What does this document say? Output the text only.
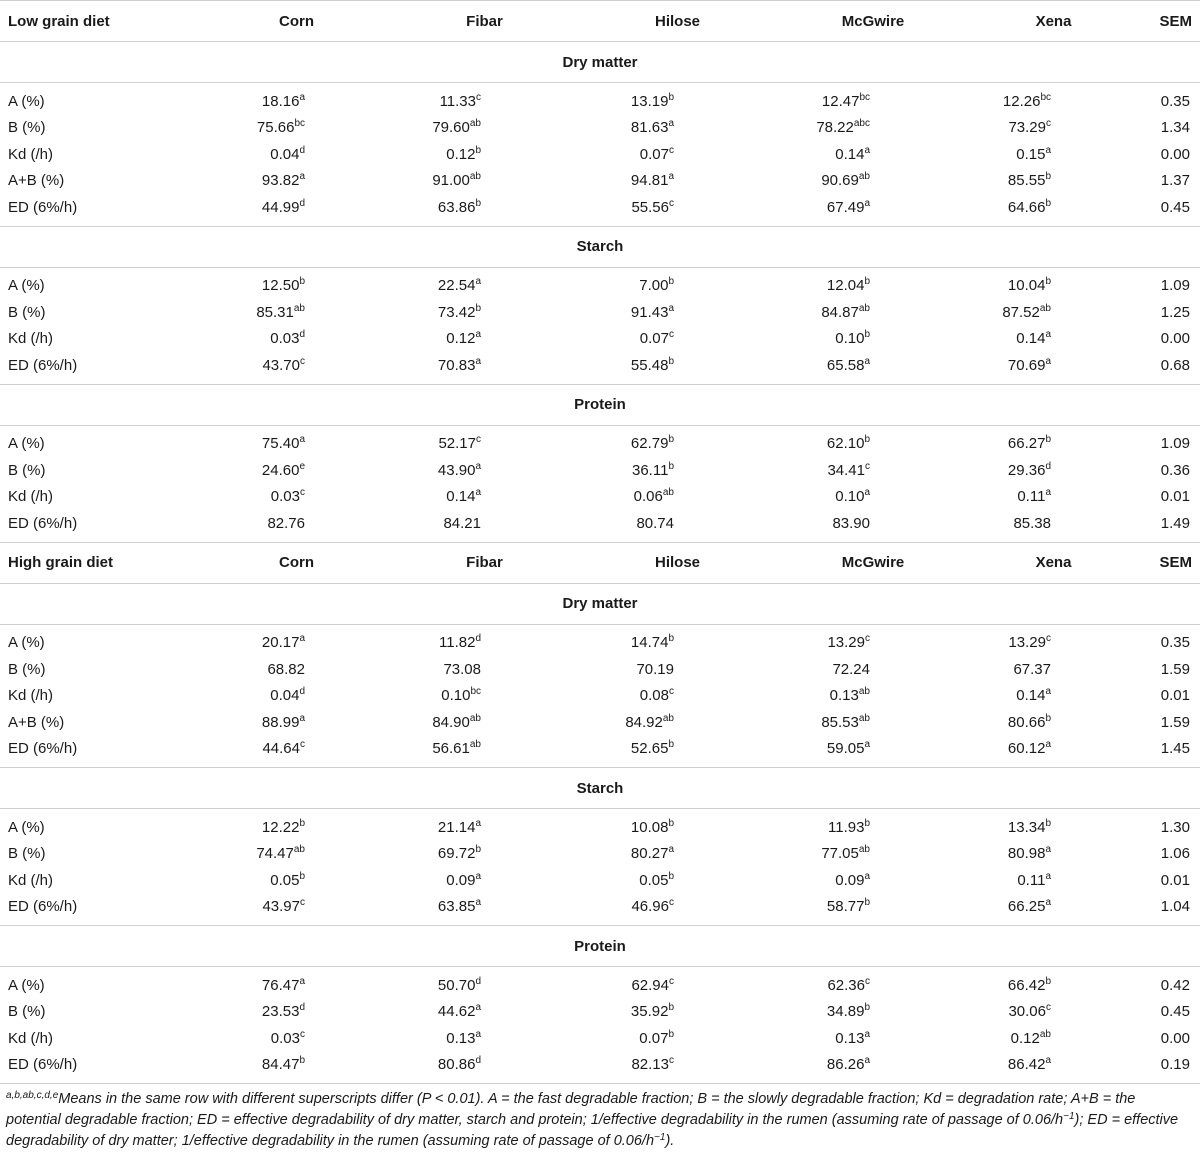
Low grain diet	Corn	Fibar	Hilose	McGwire	Xena	SEM
Dry matter						
A (%)	18.16$^a$	11.33$^c$	13.19$^b$	12.47$^{bc}$	12.26$^{bc}$	0.35
B (%)	75.66$^{bc}$	79.60$^{ab}$	81.63$^a$	78.22$^{abc}$	73.29$^c$	1.34
Kd (/h)	0.04$^d$	0.12$^b$	0.07$^c$	0.14$^a$	0.15$^a$	0.00
A+B (%)	93.82$^a$	91.00$^{ab}$	94.81$^a$	90.69$^{ab}$	85.55$^b$	1.37
ED (6%/h)	44.99$^d$	63.86$^b$	55.56$^c$	67.49$^a$	64.66$^b$	0.45
Starch						
A (%)	12.50$^b$	22.54$^a$	7.00$^b$	12.04$^b$	10.04$^b$	1.09
B (%)	85.31$^{ab}$	73.42$^b$	91.43$^a$	84.87$^{ab}$	87.52$^{ab}$	1.25
Kd (/h)	0.03$^d$	0.12$^a$	0.07$^c$	0.10$^b$	0.14$^a$	0.00
ED (6%/h)	43.70$^c$	70.83$^a$	55.48$^b$	65.58$^a$	70.69$^a$	0.68
Protein						
A (%)	75.40$^a$	52.17$^c$	62.79$^b$	62.10$^b$	66.27$^b$	1.09
B (%)	24.60e	43.90$^a$	36.11$^b$	34.41$^c$	29.36$^d$	0.36
Kd (/h)	0.03$^c$	0.14$^a$	0.06$^{ab}$	0.10$^a$	0.11$^a$	0.01
ED (6%/h)	82.76	84.21	80.74	83.90	85.38	1.49
High grain diet	Corn	Fibar	Hilose	McGwire	Xena	SEM
Dry matter						
A (%)	20.17$^a$	11.82$^d$	14.74$^b$	13.29$^c$	13.29$^c$	0.35
B (%)	68.82	73.08	70.19	72.24	67.37	1.59
Kd (/h)	0.04$^d$	0.10$^{bc}$	0.08$^c$	0.13$^{ab}$	0.14$^a$	0.01
A+B (%)	88.99$^a$	84.90$^{ab}$	84.92$^{ab}$	85.53$^{ab}$	80.66$^b$	1.59
ED (6%/h)	44.64$^c$	56.61$^{ab}$	52.65$^b$	59.05$^a$	60.12$^a$	1.45
Starch						
A (%)	12.22$^b$	21.14$^a$	10.08$^b$	11.93$^b$	13.34$^b$	1.30
B (%)	74.47$^{ab}$	69.72$^b$	80.27$^a$	77.05$^{ab}$	80.98$^a$	1.06
Kd (/h)	0.05$^b$	0.09$^a$	0.05$^b$	0.09$^a$	0.11$^a$	0.01
ED (6%/h)	43.97$^c$	63.85$^a$	46.96$^c$	58.77$^b$	66.25$^a$	1.04
Protein						
A (%)	76.47$^a$	50.70$^d$	62.94$^c$	62.36$^c$	66.42$^b$	0.42
B (%)	23.53$^d$	44.62$^a$	35.92$^b$	34.89$^b$	30.06$^c$	0.45
Kd (/h)	0.03$^c$	0.13$^a$	0.07$^b$	0.13$^a$	0.12$^{ab}$	0.00
ED (6%/h)	84.47$^b$	80.86$^d$	82.13$^c$	86.26$^a$	86.42$^a$	0.19
$^{a,b,ab,c,d,e}$Means in the same row with different superscripts differ (P < 0.01). A = the fast degradable fraction; B = the slowly degradable fraction; Kd = degradation rate; A+B = the potential degradable fraction; ED = effective degradability of dry matter, starch and protein; 1/effective degradability in the rumen (assuming rate of passage of $0.06/h^{-1}$); ED = effective degradability of dry matter; 1/effective degradability in the rumen (assuming rate of passage of $0.06/h^{-1}$).
